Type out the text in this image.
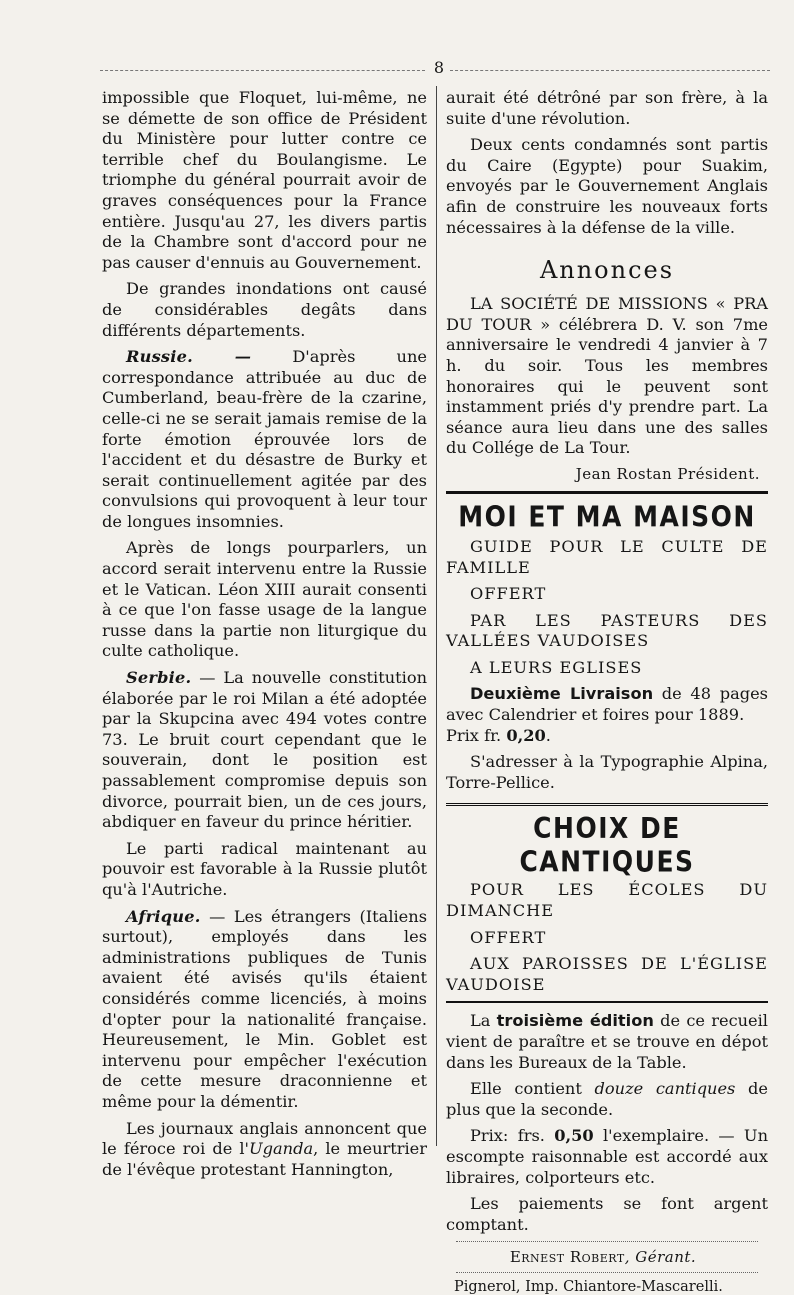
8

impossible que Floquet, lui-même, ne se démette de son office de Président du Ministère pour lutter contre ce terrible chef du Boulangisme. Le triomphe du général pourrait avoir de graves conséquences pour la France entière. Jusqu'au 27, les divers partis de la Chambre sont d'accord pour ne pas causer d'ennuis au Gouvernement.

De grandes inondations ont causé de considérables degâts dans différents départements.

Russie. — D'après une correspondance attribuée au duc de Cumberland, beau-frère de la czarine, celle-ci ne se serait jamais remise de la forte émotion éprouvée lors de l'accident et du désastre de Burky et serait continuellement agitée par des convulsions qui provoquent à leur tour de longues insomnies.

Après de longs pourparlers, un accord serait intervenu entre la Russie et le Vatican. Léon XIII aurait consenti à ce que l'on fasse usage de la langue russe dans la partie non liturgique du culte catholique.

Serbie. — La nouvelle constitution élaborée par le roi Milan a été adoptée par la Skupcina avec 494 votes contre 73. Le bruit court cependant que le souverain, dont le position est passablement compromise depuis son divorce, pourrait bien, un de ces jours, abdiquer en faveur du prince héritier.

Le parti radical maintenant au pouvoir est favorable à la Russie plutôt qu'à l'Autriche.

Afrique. — Les étrangers (Italiens surtout), employés dans les administrations publiques de Tunis avaient été avisés qu'ils étaient considérés comme licenciés, à moins d'opter pour la nationalité française. Heureusement, le Min. Goblet est intervenu pour empêcher l'exécution de cette mesure draconnienne et même pour la démentir.

Les journaux anglais annoncent que le féroce roi de l'Uganda, le meurtrier de l'évêque protestant Hannington,

aurait été détrôné par son frère, à la suite d'une révolution.

Deux cents condamnés sont partis du Caire (Egypte) pour Suakim, envoyés par le Gouvernement Anglais afin de construire les nouveaux forts nécessaires à la défense de la ville.

Annonces

LA SOCIÉTÉ DE MISSIONS « PRA DU TOUR » célébrera D. V. son 7me anniversaire le vendredi 4 janvier à 7 h. du soir. Tous les membres honoraires qui le peuvent sont instamment priés d'y prendre part. La séance aura lieu dans une des salles du Collége de La Tour.

Jean Rostan Président.
MOI ET MA MAISON

GUIDE POUR LE CULTE DE FAMILLE

OFFERT

PAR LES PASTEURS DES VALLÉES VAUDOISES

A LEURS EGLISES

Deuxième Livraison de 48 pages avec Calendrier et foires pour 1889.

Prix fr. 0,20.

S'adresser à la Typographie Alpina, Torre-Pellice.

CHOIX DE CANTIQUES

POUR LES ÉCOLES DU DIMANCHE

OFFERT

AUX PAROISSES DE L'ÉGLISE VAUDOISE

La troisième édition de ce recueil vient de paraître et se trouve en dépot dans les Bureaux de la Table.

Elle contient douze cantiques de plus que la seconde.

Prix: frs. 0,50 l'exemplaire. — Un escompte raisonnable est accordé aux libraires, colporteurs etc.

Les paiements se font argent comptant.

Ernest Robert, Gérant.
Pignerol, Imp. Chiantore-Mascarelli.
